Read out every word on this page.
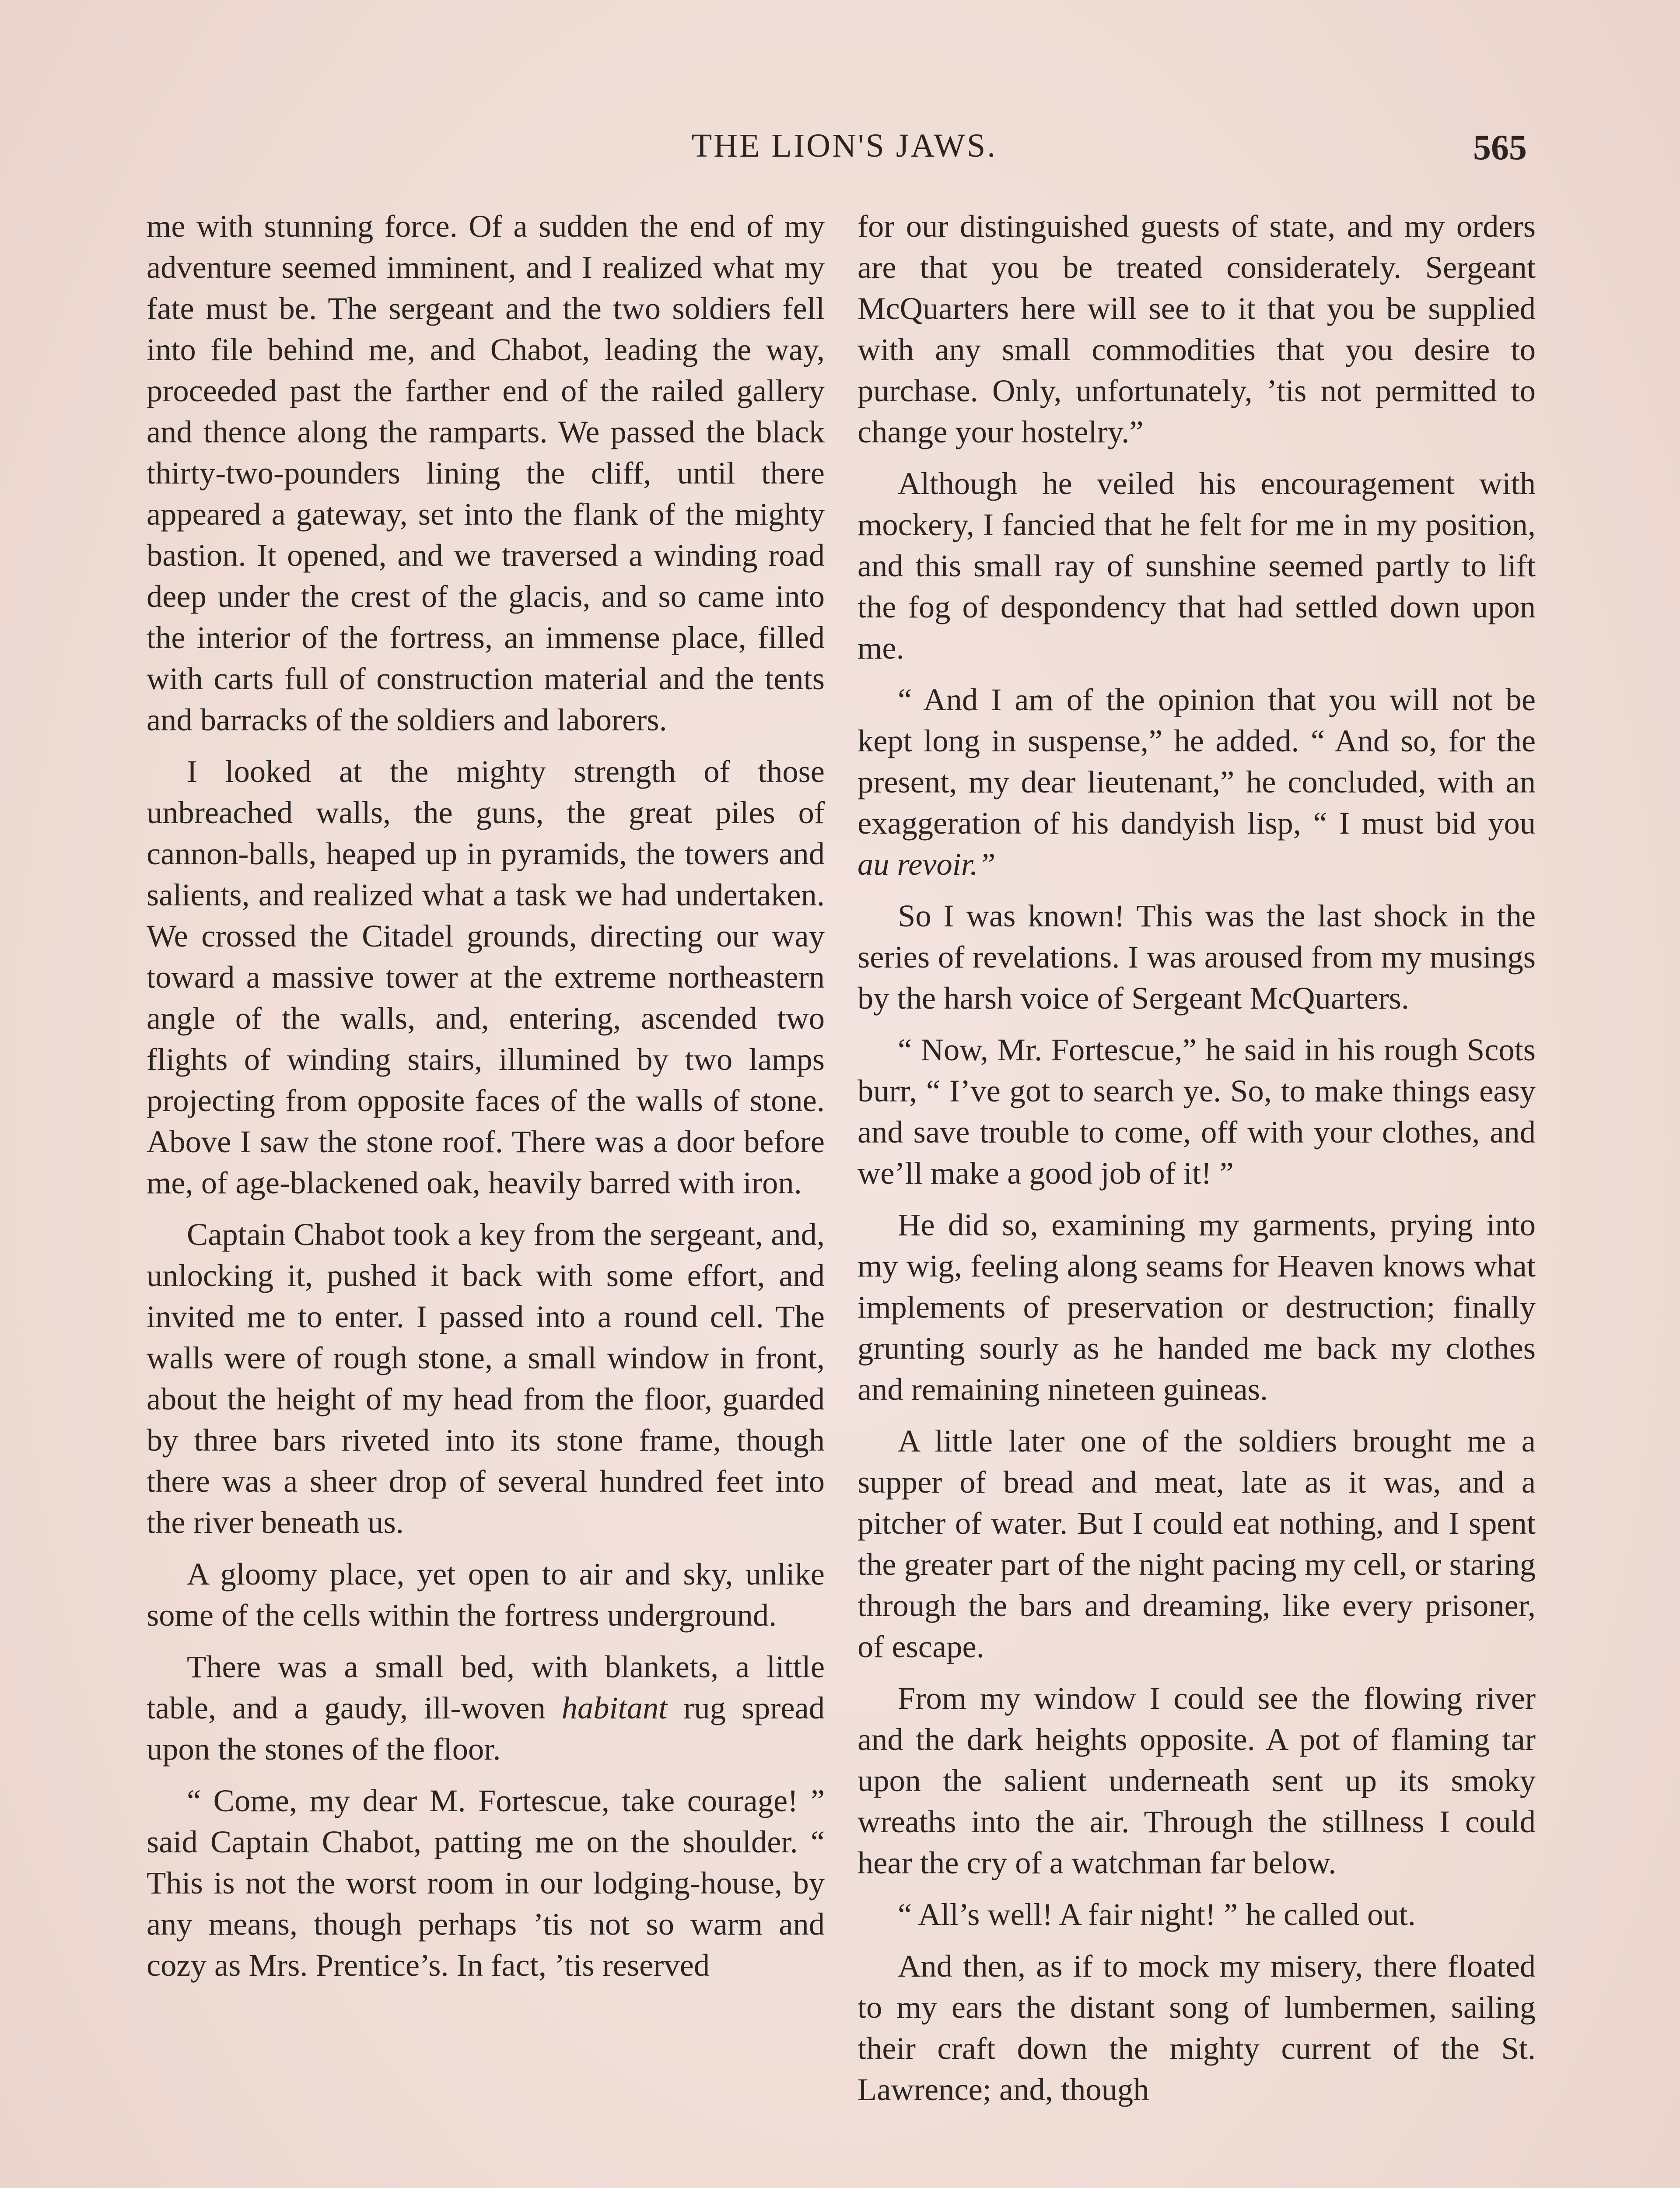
THE LION'S JAWS.	565

me with stunning force. Of a sudden the end of my adventure seemed imminent, and I realized what my fate must be. The sergeant and the two soldiers fell into file behind me, and Chabot, leading the way, proceeded past the farther end of the railed gallery and thence along the ramparts. We passed the black thirty-two-pounders lining the cliff, until there appeared a gateway, set into the flank of the mighty bastion. It opened, and we traversed a winding road deep under the crest of the glacis, and so came into the interior of the fortress, an immense place, filled with carts full of construction material and the tents and barracks of the soldiers and laborers.

I looked at the mighty strength of those unbreached walls, the guns, the great piles of cannon-balls, heaped up in pyramids, the towers and salients, and realized what a task we had undertaken. We crossed the Citadel grounds, directing our way toward a massive tower at the extreme northeastern angle of the walls, and, entering, ascended two flights of winding stairs, illumined by two lamps projecting from opposite faces of the walls of stone. Above I saw the stone roof. There was a door before me, of age-blackened oak, heavily barred with iron.

Captain Chabot took a key from the sergeant, and, unlocking it, pushed it back with some effort, and invited me to enter. I passed into a round cell. The walls were of rough stone, a small window in front, about the height of my head from the floor, guarded by three bars riveted into its stone frame, though there was a sheer drop of several hundred feet into the river beneath us.

A gloomy place, yet open to air and sky, unlike some of the cells within the fortress underground.

There was a small bed, with blankets, a little table, and a gaudy, ill-woven habitant rug spread upon the stones of the floor.

“ Come, my dear M. Fortescue, take courage! ” said Captain Chabot, patting me on the shoulder. “ This is not the worst room in our lodging-house, by any means, though perhaps ’tis not so warm and cozy as Mrs. Prentice’s. In fact, ’tis reserved

for our distinguished guests of state, and my orders are that you be treated considerately. Sergeant McQuarters here will see to it that you be supplied with any small commodities that you desire to purchase. Only, unfortunately, ’tis not permitted to change your hostelry.”

Although he veiled his encouragement with mockery, I fancied that he felt for me in my position, and this small ray of sunshine seemed partly to lift the fog of despondency that had settled down upon me.

“ And I am of the opinion that you will not be kept long in suspense,” he added. “ And so, for the present, my dear lieutenant,” he concluded, with an exaggeration of his dandyish lisp, “ I must bid you au revoir.”

So I was known! This was the last shock in the series of revelations. I was aroused from my musings by the harsh voice of Sergeant McQuarters.

“ Now, Mr. Fortescue,” he said in his rough Scots burr, “ I’ve got to search ye. So, to make things easy and save trouble to come, off with your clothes, and we’ll make a good job of it! ”

He did so, examining my garments, prying into my wig, feeling along seams for Heaven knows what implements of preservation or destruction; finally grunting sourly as he handed me back my clothes and remaining nineteen guineas.

A little later one of the soldiers brought me a supper of bread and meat, late as it was, and a pitcher of water. But I could eat nothing, and I spent the greater part of the night pacing my cell, or staring through the bars and dreaming, like every prisoner, of escape.

From my window I could see the flowing river and the dark heights opposite. A pot of flaming tar upon the salient underneath sent up its smoky wreaths into the air. Through the stillness I could hear the cry of a watchman far below.

“ All’s well! A fair night! ” he called out.

And then, as if to mock my misery, there floated to my ears the distant song of lumbermen, sailing their craft down the mighty current of the St. Lawrence; and, though
